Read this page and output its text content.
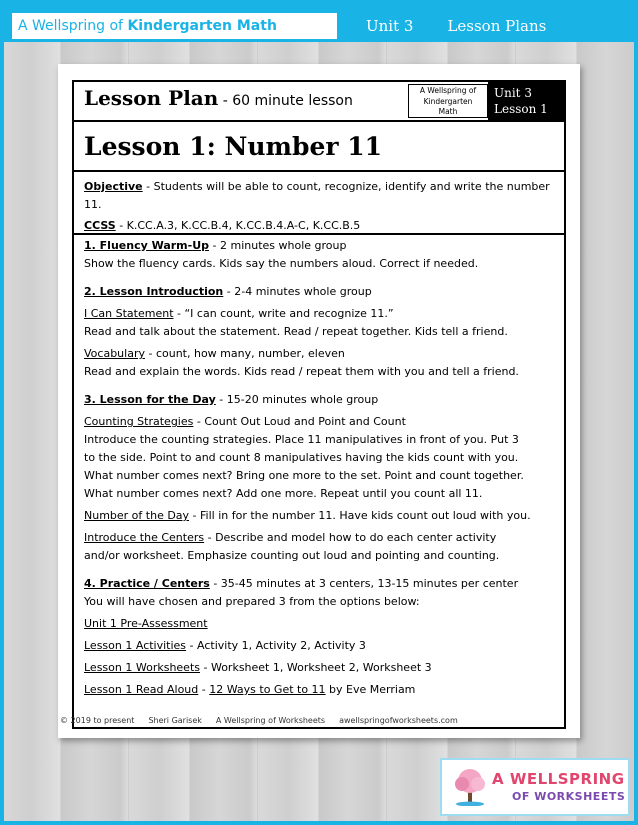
A Wellspring of Kindergarten Math	Unit 3 Lesson Plans
Lesson Plan - 60 minute lesson
A Wellspring of
Kindergarten
Math
Unit 3
Lesson 1
Lesson 1: Number 11
Objective - Students will be able to count, recognize, identify and write the number 11.
CCSS - K.CC.A.3, K.CC.B.4, K.CC.B.4.A-C, K.CC.B.5
1. Fluency Warm-Up - 2 minutes whole group
Show the fluency cards. Kids say the numbers aloud. Correct if needed.
2. Lesson Introduction - 2-4 minutes whole group
I Can Statement - “I can count, write and recognize 11.”
Read and talk about the statement. Read / repeat together. Kids tell a friend.
Vocabulary - count, how many, number, eleven
Read and explain the words. Kids read / repeat them with you and tell a friend.
3. Lesson for the Day - 15-20 minutes whole group
Counting Strategies - Count Out Loud and Point and Count
Introduce the counting strategies. Place 11 manipulatives in front of you. Put 3
to the side. Point to and count 8 manipulatives having the kids count with you.
What number comes next? Bring one more to the set. Point and count together.
What number comes next? Add one more. Repeat until you count all 11.
Number of the Day - Fill in for the number 11. Have kids count out loud with you.
Introduce the Centers - Describe and model how to do each center activity
and/or worksheet. Emphasize counting out loud and pointing and counting.
4. Practice / Centers - 35-45 minutes at 3 centers, 13-15 minutes per center
You will have chosen and prepared 3 from the options below:
Unit 1 Pre-Assessment
Lesson 1 Activities - Activity 1, Activity 2, Activity 3
Lesson 1 Worksheets - Worksheet 1, Worksheet 2, Worksheet 3
Lesson 1 Read Aloud - 12 Ways to Get to 11 by Eve Merriam
© 2019 to present Sheri Garisek A Wellspring of Worksheets awellspringofworksheets.com
A WELLSPRING
OF WORKSHEETS
